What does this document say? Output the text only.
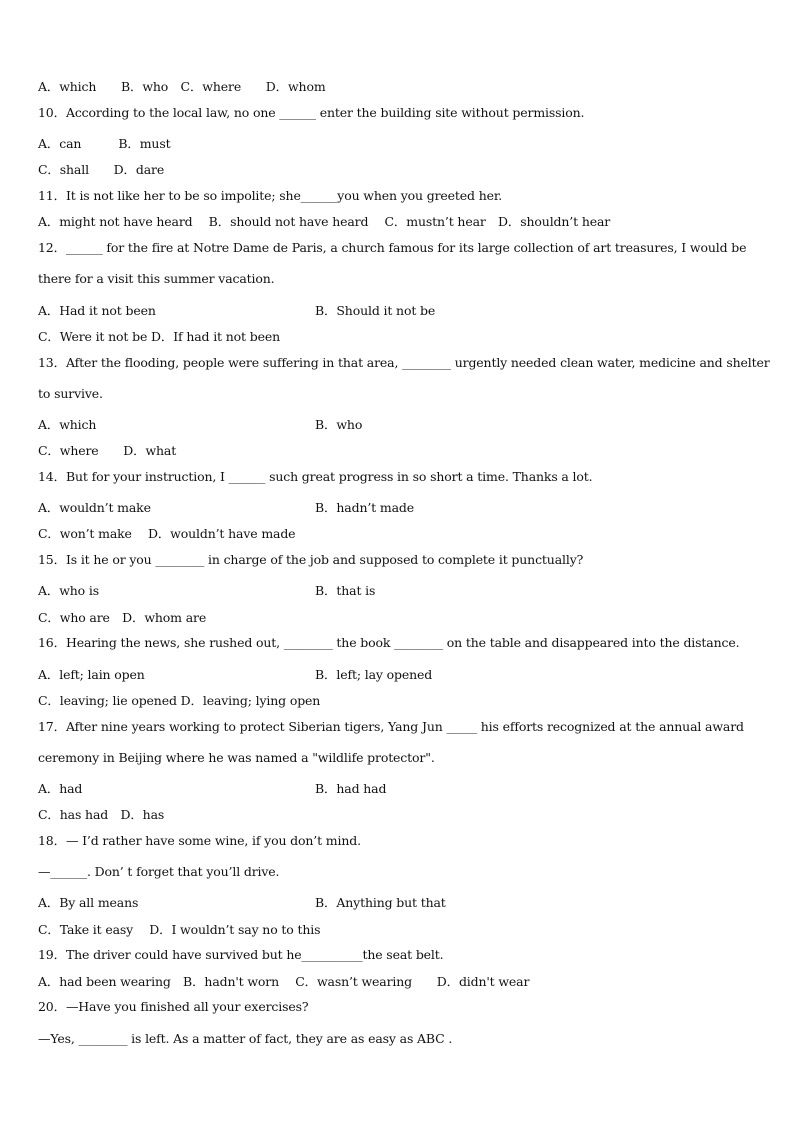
A．which　　B．who　C．where　　D．whom
10．According to the local law, no one ______ enter the building site without permission.
A．can　　　B．must
C．shall　　D．dare
11．It is not like her to be so impolite; she______you when you greeted her.
A．might not have heard　 B．should not have heard　 C．mustn’t hear　D．shouldn’t hear
12．______ for the fire at Notre Dame de Paris, a church famous for its large collection of art treasures, I would be
there for a visit this summer vacation.
A．Had it not been	B．Should it not be
C．Were it not be D．If had it not been
13．After the flooding, people were suffering in that area, ________ urgently needed clean water, medicine and shelter
to survive.
A．which	B．who
C．where　　D．what
14．But for your instruction, I ______ such great progress in so short a time. Thanks a lot.
A．wouldn’t make	B．hadn’t made
C．won’t make　 D．wouldn’t have made
15．Is it he or you ________ in charge of the job and supposed to complete it punctually?
A．who is	B．that is
C．who are　D．whom are
16．Hearing the news, she rushed out, ________ the book ________ on the table and disappeared into the distance.
A．left; lain open	B．left; lay opened
C．leaving; lie opened D．leaving; lying open
17．After nine years working to protect Siberian tigers, Yang Jun _____ his efforts recognized at the annual award
ceremony in Beijing where he was named a "wildlife protector".
A．had	B．had had
C．has had　D．has
18．— I’d rather have some wine, if you don’t mind.
—______. Don’ t forget that you’ll drive.
A．By all means	B．Anything but that
C．Take it easy　 D．I wouldn’t say no to this
19．The driver could have survived but he__________the seat belt.
A．had been wearing　B．hadn't worn　 C．wasn’t wearing　　D．didn't wear
20．—Have you finished all your exercises?
—Yes, ________ is left. As a matter of fact, they are as easy as ABC .
